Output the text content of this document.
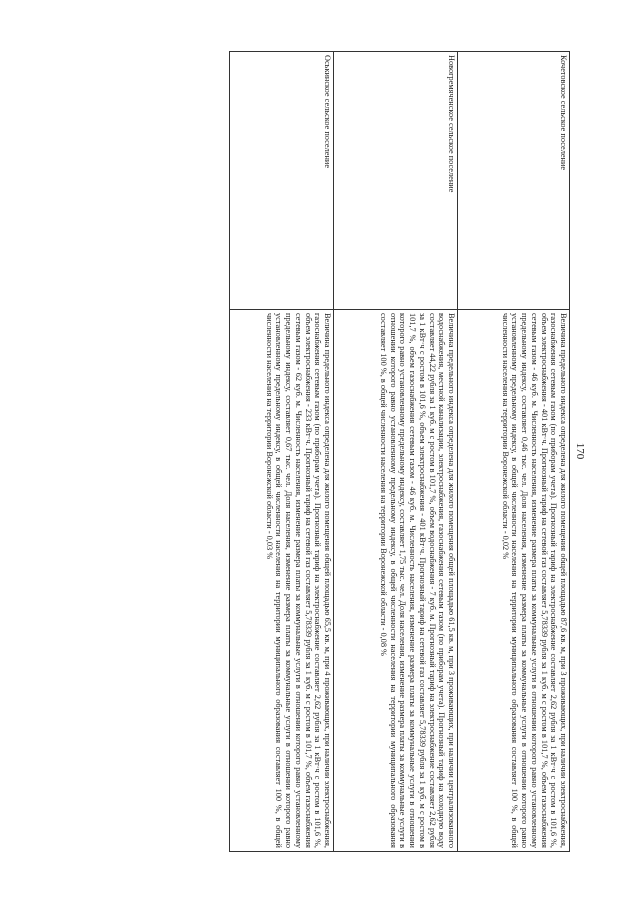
170
Кочетовское сельское поселение	Величина предельного индекса определена для жилого помещения общей площадью 87,6 кв. м, при 3 проживающих, при наличии электроснабжения, газоснабжения сетевым газом (по приборам учета). Прогнозный тариф на электроснабжение составляет 2,62 рубля за 1 кВт·ч с ростом в 101,6 %, объем электроснабжения - 401 кВт·ч. Прогнозный тариф на сетевой газ составляет 5,78339 рубля за 1 куб. м с ростом в 101,7 %, объем газоснабжения сетевым газом - 46 куб. м. Численность населения, изменение размера платы за коммунальные услуги в отношении которого равно установленному предельному индексу, составляет 0,46 тыс. чел. Доля населения, изменение размера платы за коммунальные услуги в отношении которого равно установленному предельному индексу, в общей численности населения на территории муниципального образования составляет 100 %, в общей численности населения на территории Воронежской области - 0,02 %
Новогремяченское сельское поселение	Величина предельного индекса определена для жилого помещения общей площадью 61,5 кв. м, при 3 проживающих, при наличии централизованного водоснабжения, местной канализации, электроснабжения, газоснабжения сетевым газом (по приборам учета). Прогнозный тариф на холодную воду составляет 44,22 рубля за 1 куб. м с ростом в 101,7 %, объем водоснабжения - 7 куб. м. Прогнозный тариф на электроснабжение составляет 2,62 рубля за 1 кВт·ч с ростом в 101,6 %, объем электроснабжения - 401 кВт·ч. Прогнозный тариф на сетевой газ составляет 5,78339 рубля за 1 куб. м с ростом в 101,7 %, объем газоснабжения сетевым газом - 46 куб. м. Численность населения, изменение размера платы за коммунальные услуги в отношении которого равно установленному предельному индексу, составляет 1,75 тыс. чел. Доля населения, изменение размера платы за коммунальные услуги в отношении которого равно установленному предельному индексу, в общей численности населения на территории муниципального образования составляет 100 %, в общей численности населения на территории Воронежской области - 0,08 %
Оськинское сельское поселение	Величина предельного индекса определена для жилого помещения общей площадью 65,5 кв. м, при 4 проживающих, при наличии электроснабжения, газоснабжения сетевым газом (по приборам учета). Прогнозный тариф на электроснабжение составляет 2,62 рубля за 1 кВт·ч с ростом в 101,6 %, объем электроснабжения - 233 кВт·ч. Прогнозный тариф на сетевой газ составляет 5,78339 рубля за 1 куб. м с ростом в 101,7 %, объем газоснабжения сетевым газом - 62 куб. м. Численность населения, изменение размера платы за коммунальные услуги в отношении которого равно установленному предельному индексу, составляет 0,67 тыс. чел. Доля населения, изменение размера платы за коммунальные услуги в отношении которого равно установленному предельному индексу, в общей численности населения на территории муниципального образования составляет 100 %, в общей численности населения на территории Воронежской области - 0,03 %
